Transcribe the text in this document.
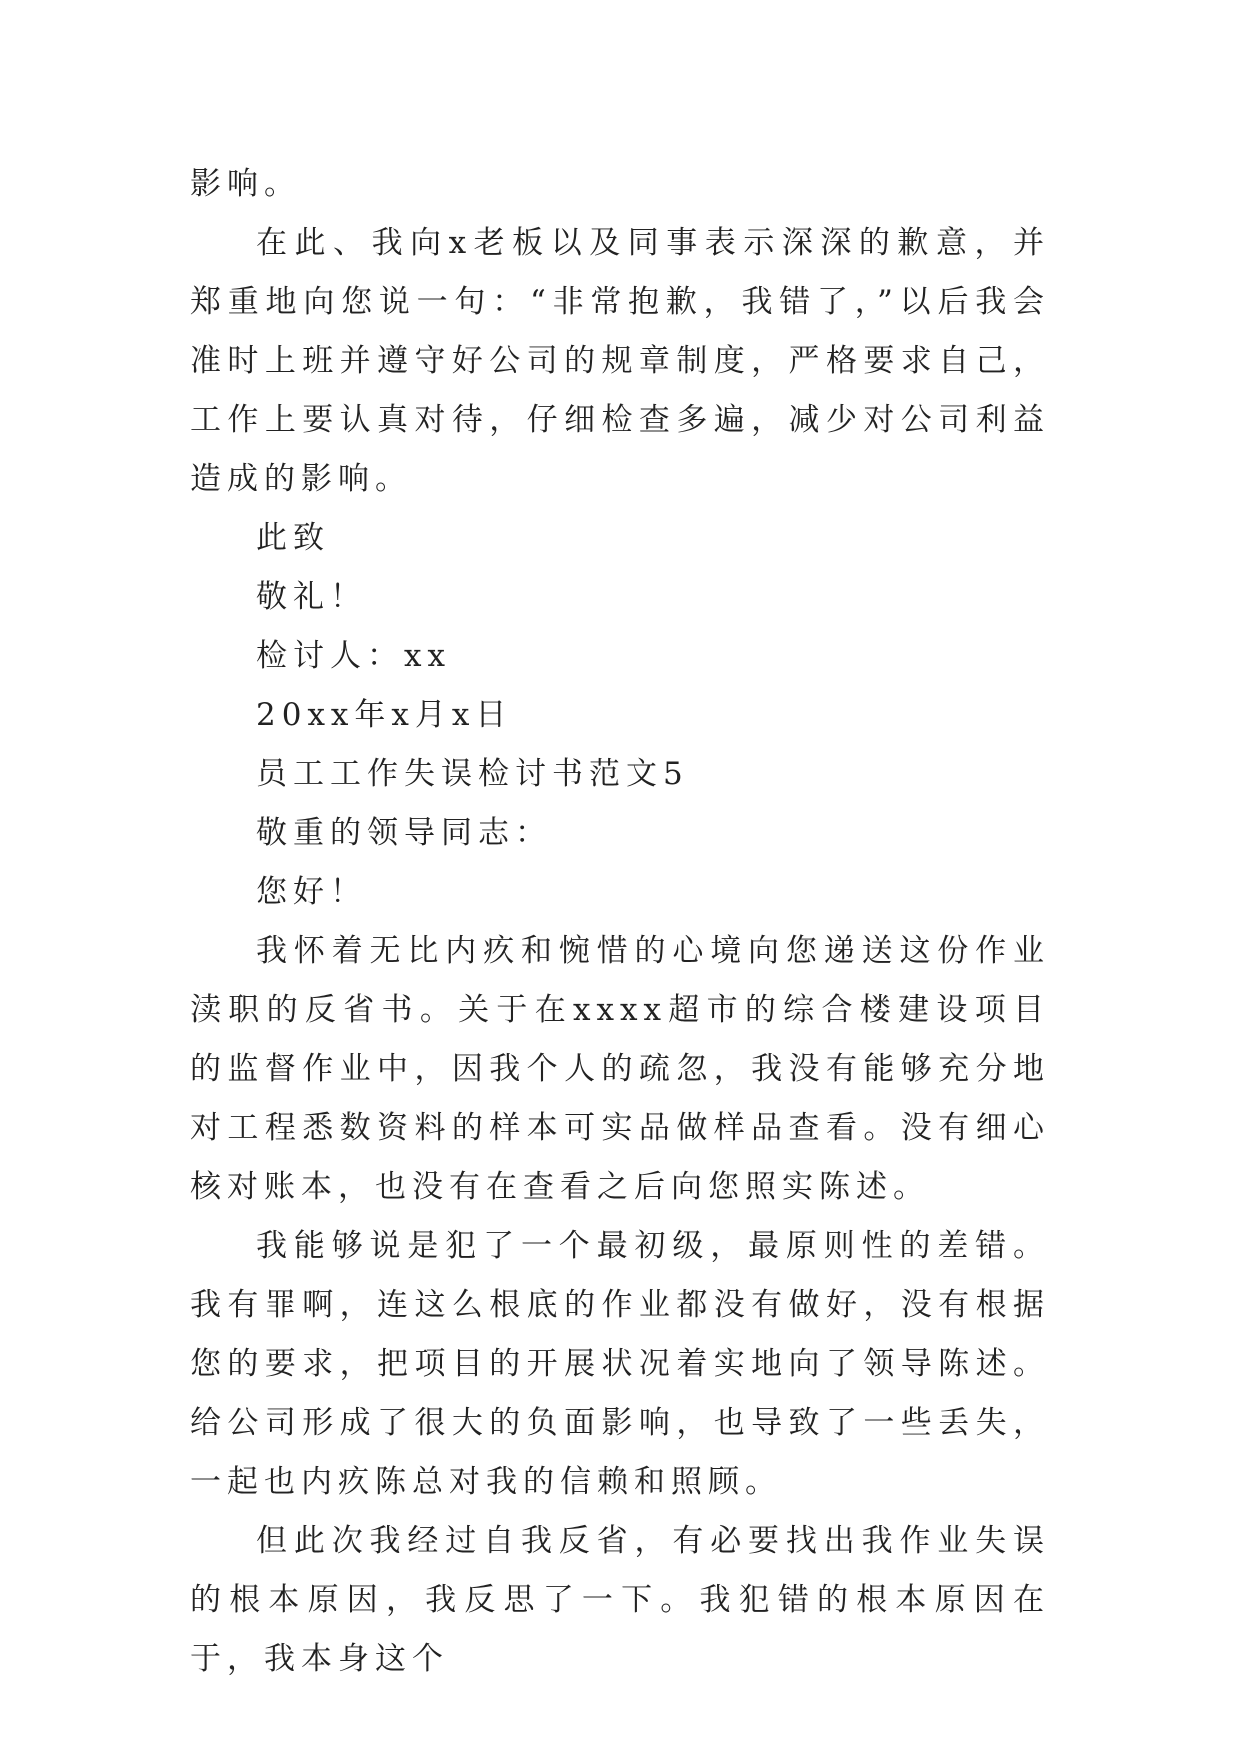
影响。

在此、我向x老板以及同事表示深深的歉意，并郑重地向您说一句：“非常抱歉，我错了，”以后我会准时上班并遵守好公司的规章制度，严格要求自己，工作上要认真对待，仔细检查多遍，减少对公司利益造成的影响。

此致

敬礼！

检讨人：xx

20xx年x月x日

员工工作失误检讨书范文5

敬重的领导同志：

您好！

我怀着无比内疚和惋惜的心境向您递送这份作业渎职的反省书。关于在xxxx超市的综合楼建设项目的监督作业中，因我个人的疏忽，我没有能够充分地对工程悉数资料的样本可实品做样品查看。没有细心核对账本，也没有在查看之后向您照实陈述。

我能够说是犯了一个最初级，最原则性的差错。我有罪啊，连这么根底的作业都没有做好，没有根据您的要求，把项目的开展状况着实地向了领导陈述。给公司形成了很大的负面影响，也导致了一些丢失，一起也内疚陈总对我的信赖和照顾。

但此次我经过自我反省，有必要找出我作业失误的根本原因，我反思了一下。我犯错的根本原因在于，我本身这个
